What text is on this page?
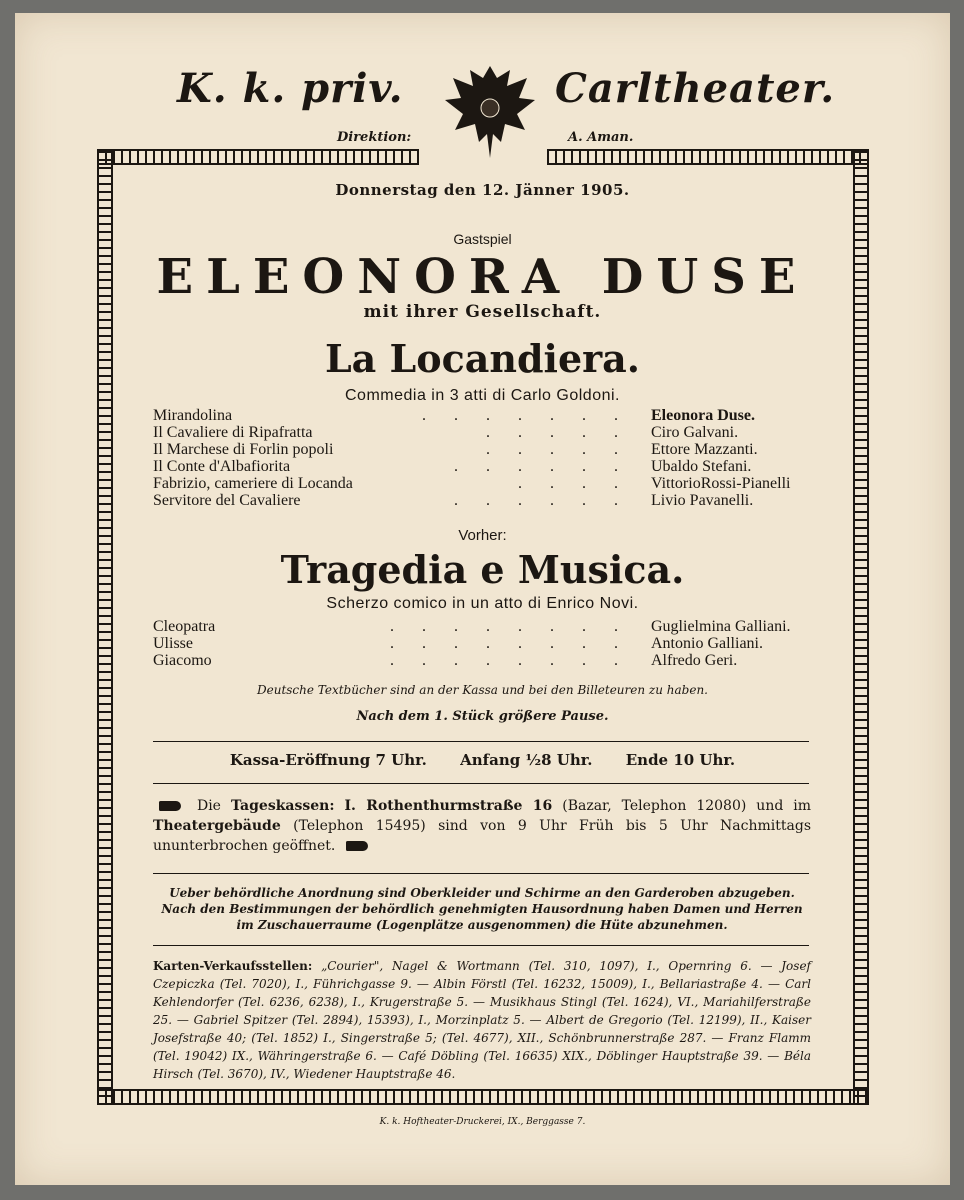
K. k. priv.	Carltheater.
Direktion:	A. Aman.
Donnerstag den 12. Jänner 1905.
Gastspiel
ELEONORA DUSE
mit ihrer Gesellschaft.
La Locandiera.
Commedia in 3 atti di Carlo Goldoni.
Mirandolina	.       .       .       .       .       .       . Eleonora Duse.
Il Cavaliere di Ripafratta	.       .       .       .       . Ciro Galvani.
Il Marchese di Forlin popoli	.       .       .       .       . Ettore Mazzanti.
Il Conte d'Albafiorita	.       .       .       .       .       . Ubaldo Stefani.
Fabrizio, cameriere di Locanda	.       .       .       . VittorioRossi-Pianelli
Servitore del Cavaliere	.       .       .       .       .       . Livio Pavanelli.
Vorher:
Tragedia e Musica.
Scherzo comico in un atto di Enrico Novi.
Cleopatra	.       .       .       .       .       .       .       . Guglielmina Galliani.
Ulisse	.       .       .       .       .       .       .       . Antonio Galliani.
Giacomo	.       .       .       .       .       .       .       . Alfredo Geri.
Deutsche Textbücher sind an der Kassa und bei den Billeteuren zu haben.
Nach dem 1. Stück größere Pause.
Kassa-Eröffnung 7 Uhr. Anfang ½8 Uhr. Ende 10 Uhr.
Die Tageskassen: I. Rothenthurmstraße 16 (Bazar, Telephon 12080) und im Theatergebäude (Telephon 15495) sind von 9 Uhr Früh bis 5 Uhr Nachmittags ununterbrochen geöffnet.
Ueber behördliche Anordnung sind Oberkleider und Schirme an den Garderoben abzugeben. Nach den Bestimmungen der behördlich genehmigten Hausordnung haben Damen und Herren im Zuschauerraume (Logenplätze ausgenommen) die Hüte abzunehmen.
Karten-Verkaufsstellen: „Courier", Nagel & Wortmann (Tel. 310, 1097), I., Opernring 6. — Josef Czepiczka (Tel. 7020), I., Führichgasse 9. — Albin Förstl (Tel. 16232, 15009), I., Bellariastraße 4. — Carl Kehlendorfer (Tel. 6236, 6238), I., Krugerstraße 5. — Musikhaus Stingl (Tel. 1624), VI., Mariahilferstraße 25. — Gabriel Spitzer (Tel. 2894), 15393), I., Morzinplatz 5. — Albert de Gregorio (Tel. 12199), II., Kaiser Josefstraße 40; (Tel. 1852) I., Singerstraße 5; (Tel. 4677), XII., Schönbrunnerstraße 287. — Franz Flamm (Tel. 19042) IX., Währingerstraße 6. — Café Döbling (Tel. 16635) XIX., Döblinger Hauptstraße 39. — Béla Hirsch (Tel. 3670), IV., Wiedener Hauptstraße 46.
K. k. Hoftheater-Druckerei, IX., Berggasse 7.
